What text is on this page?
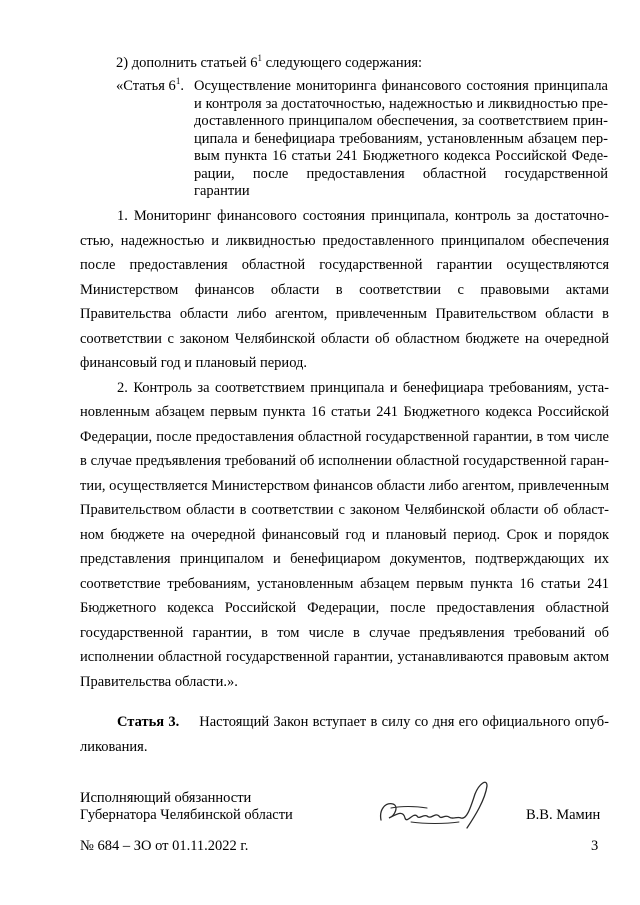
2) дополнить статьей $6^1$ следующего содержания:
«Статья $6^1$. Осуществление мониторинга финансового состояния принципала и контроля за достаточностью, надежностью и ликвидностью предоставленного принципалом обеспечения, за соответствием принципала и бенефициара требованиям, установленным абзацем первым пункта 16 статьи 241 Бюджетного кодекса Российской Федерации, после предоставления областной государственной гарантии

1. Мониторинг финансового состояния принципала, контроль за достаточностью, надежностью и ликвидностью предоставленного принципалом обеспечения после предоставления областной государственной гарантии осуществляются Министерством финансов области в соответствии с правовыми актами Правительства области либо агентом, привлеченным Правительством области в соответствии с законом Челябинской области об областном бюджете на очередной финансовый год и плановый период.

2. Контроль за соответствием принципала и бенефициара требованиям, установленным абзацем первым пункта 16 статьи 241 Бюджетного кодекса Российской Федерации, после предоставления областной государственной гарантии, в том числе в случае предъявления требований об исполнении областной государственной гарантии, осуществляется Министерством финансов области либо агентом, привлеченным Правительством области в соответствии с законом Челябинской области об областном бюджете на очередной финансовый год и плановый период. Срок и порядок представления принципалом и бенефициаром документов, подтверждающих их соответствие требованиям, установленным абзацем первым пункта 16 статьи 241 Бюджетного кодекса Российской Федерации, после предоставления областной государственной гарантии, в том числе в случае предъявления требований об исполнении областной государственной гарантии, устанавливаются правовым актом Правительства области.».

Статья 3. Настоящий Закон вступает в силу со дня его официального опубликования.
Исполняющий обязанности
Губернатора Челябинской области	В.В. Мамин
№ 684 – ЗО от 01.11.2022 г.	3
